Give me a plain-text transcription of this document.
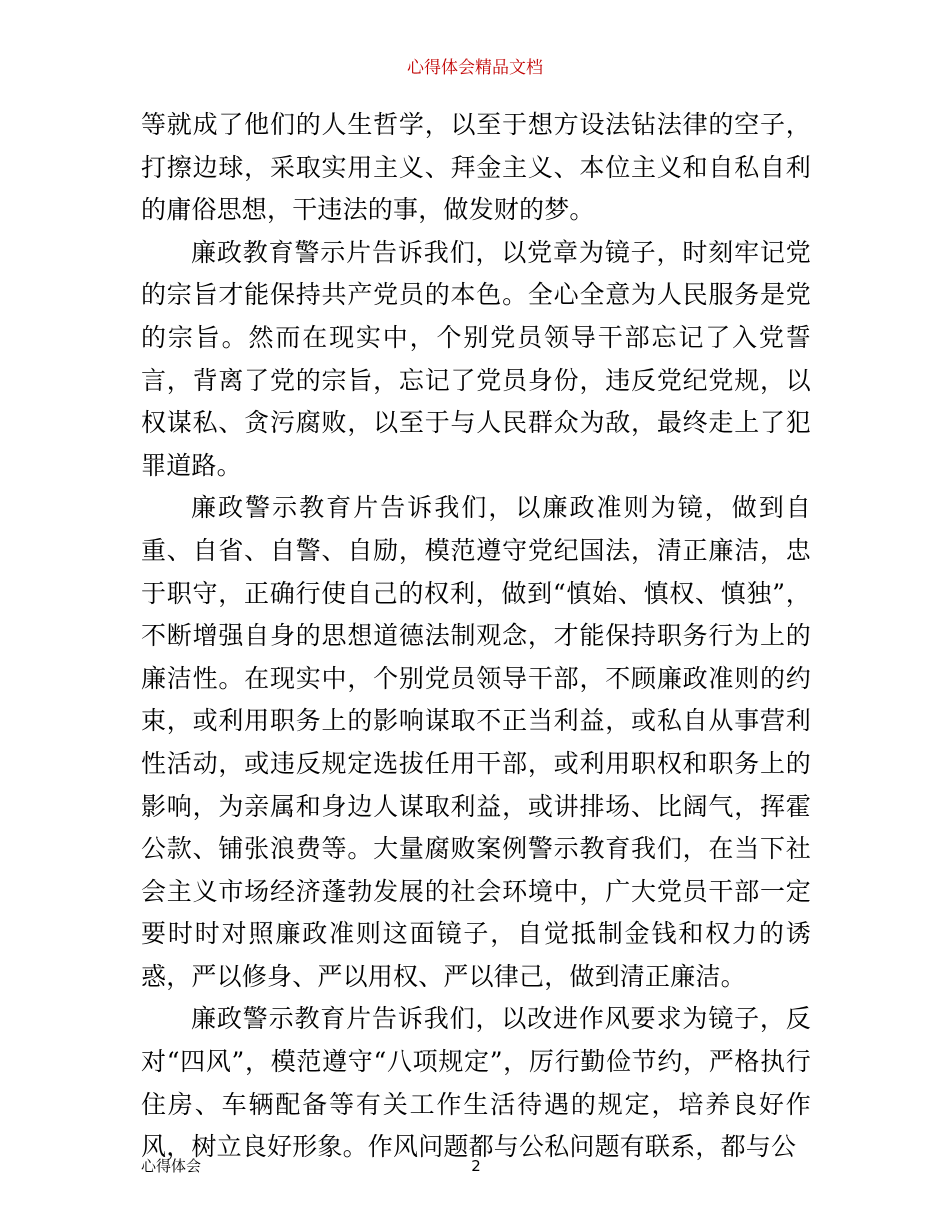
心得体会精品文档

等就成了他们的人生哲学，以至于想方设法钻法律的空子，打擦边球，采取实用主义、拜金主义、本位主义和自私自利的庸俗思想，干违法的事，做发财的梦。

廉政教育警示片告诉我们，以党章为镜子，时刻牢记党的宗旨才能保持共产党员的本色。全心全意为人民服务是党的宗旨。然而在现实中，个别党员领导干部忘记了入党誓言，背离了党的宗旨，忘记了党员身份，违反党纪党规，以权谋私、贪污腐败，以至于与人民群众为敌，最终走上了犯罪道路。

廉政警示教育片告诉我们，以廉政准则为镜，做到自重、自省、自警、自励，模范遵守党纪国法，清正廉洁，忠于职守，正确行使自己的权利，做到“慎始、慎权、慎独”，不断增强自身的思想道德法制观念，才能保持职务行为上的廉洁性。在现实中，个别党员领导干部，不顾廉政准则的约束，或利用职务上的影响谋取不正当利益，或私自从事营利性活动，或违反规定选拔任用干部，或利用职权和职务上的影响，为亲属和身边人谋取利益，或讲排场、比阔气，挥霍公款、铺张浪费等。大量腐败案例警示教育我们，在当下社会主义市场经济蓬勃发展的社会环境中，广大党员干部一定要时时对照廉政准则这面镜子，自觉抵制金钱和权力的诱惑，严以修身、严以用权、严以律己，做到清正廉洁。

廉政警示教育片告诉我们，以改进作风要求为镜子，反对“四风”，模范遵守“八项规定”，厉行勤俭节约，严格执行住房、车辆配备等有关工作生活待遇的规定，培养良好作风，树立良好形象。作风问题都与公私问题有联系，都与公

心得体会	2
